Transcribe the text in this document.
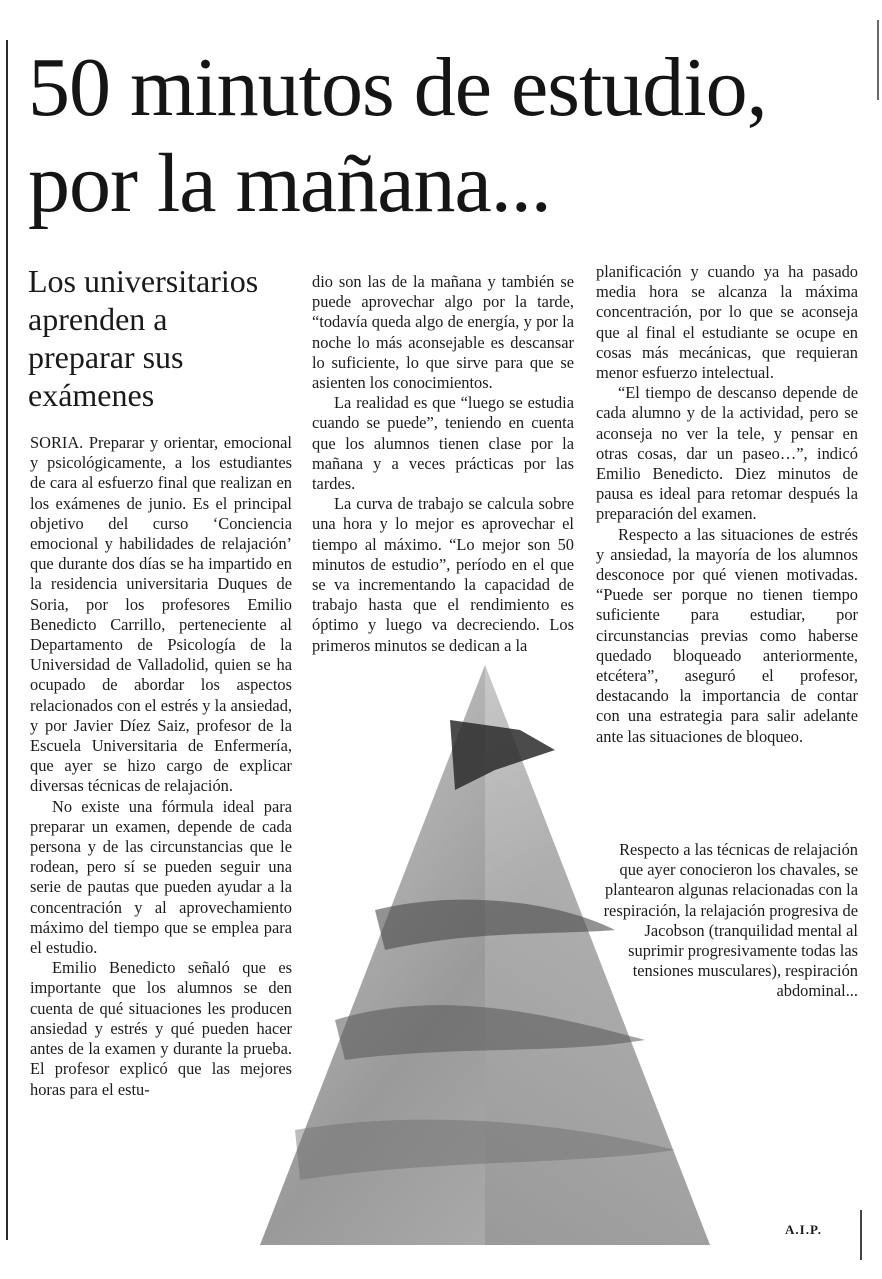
50 minutos de estudio,
por la mañana...
Los universitarios
aprenden a
preparar sus
exámenes

SORIA. Preparar y orientar, emocional y psicológicamente, a los estudiantes de cara al esfuerzo final que realizan en los exámenes de junio. Es el principal objetivo del curso ‘Conciencia emocional y habilidades de relajación’ que durante dos días se ha impartido en la residencia universitaria Duques de Soria, por los profesores Emilio Benedicto Carrillo, perteneciente al Departamento de Psicología de la Universidad de Valladolid, quien se ha ocupado de abordar los aspectos relacionados con el estrés y la ansiedad, y por Javier Díez Saiz, profesor de la Escuela Universitaria de Enfermería, que ayer se hizo cargo de explicar diversas técnicas de relajación.

No existe una fórmula ideal para preparar un examen, depende de cada persona y de las circunstancias que le rodean, pero sí se pueden seguir una serie de pautas que pueden ayudar a la concentración y al aprovechamiento máximo del tiempo que se emplea para el estudio.

Emilio Benedicto señaló que es importante que los alumnos se den cuenta de qué situaciones les producen ansiedad y estrés y qué pueden hacer antes de la examen y durante la prueba. El profesor explicó que las mejores horas para el estu-

dio son las de la mañana y también se puede aprovechar algo por la tarde, “todavía queda algo de energía, y por la noche lo más aconsejable es descansar lo suficiente, lo que sirve para que se asienten los conocimientos.

La realidad es que “luego se estudia cuando se puede”, teniendo en cuenta que los alumnos tienen clase por la mañana y a veces prácticas por las tardes.

La curva de trabajo se calcula sobre una hora y lo mejor es aprovechar el tiempo al máximo. “Lo mejor son 50 minutos de estudio”, período en el que se va incrementando la capacidad de trabajo hasta que el rendimiento es óptimo y luego va decreciendo. Los primeros minutos se dedican a la

planificación y cuando ya ha pasado media hora se alcanza la máxima concentración, por lo que se aconseja que al final el estudiante se ocupe en cosas más mecánicas, que requieran menor esfuerzo intelectual.

“El tiempo de descanso depende de cada alumno y de la actividad, pero se aconseja no ver la tele, y pensar en otras cosas, dar un paseo…”, indicó Emilio Benedicto. Diez minutos de pausa es ideal para retomar después la preparación del examen.

Respecto a las situaciones de estrés y ansiedad, la mayoría de los alumnos desconoce por qué vienen motivadas. “Puede ser porque no tienen tiempo suficiente para estudiar, por circunstancias previas como haberse quedado bloqueado anteriormente, etcétera”, aseguró el profesor, destacando la importancia de contar con una estrategia para salir adelante ante las situaciones de bloqueo.

Respecto a las técnicas de relajación que ayer conocieron los chavales, se plantearon algunas relacionadas con la respiración, la relajación progresiva de Jacobson (tranquilidad mental al suprimir progresivamente todas las tensiones musculares), respiración abdominal...

A.I.P.
